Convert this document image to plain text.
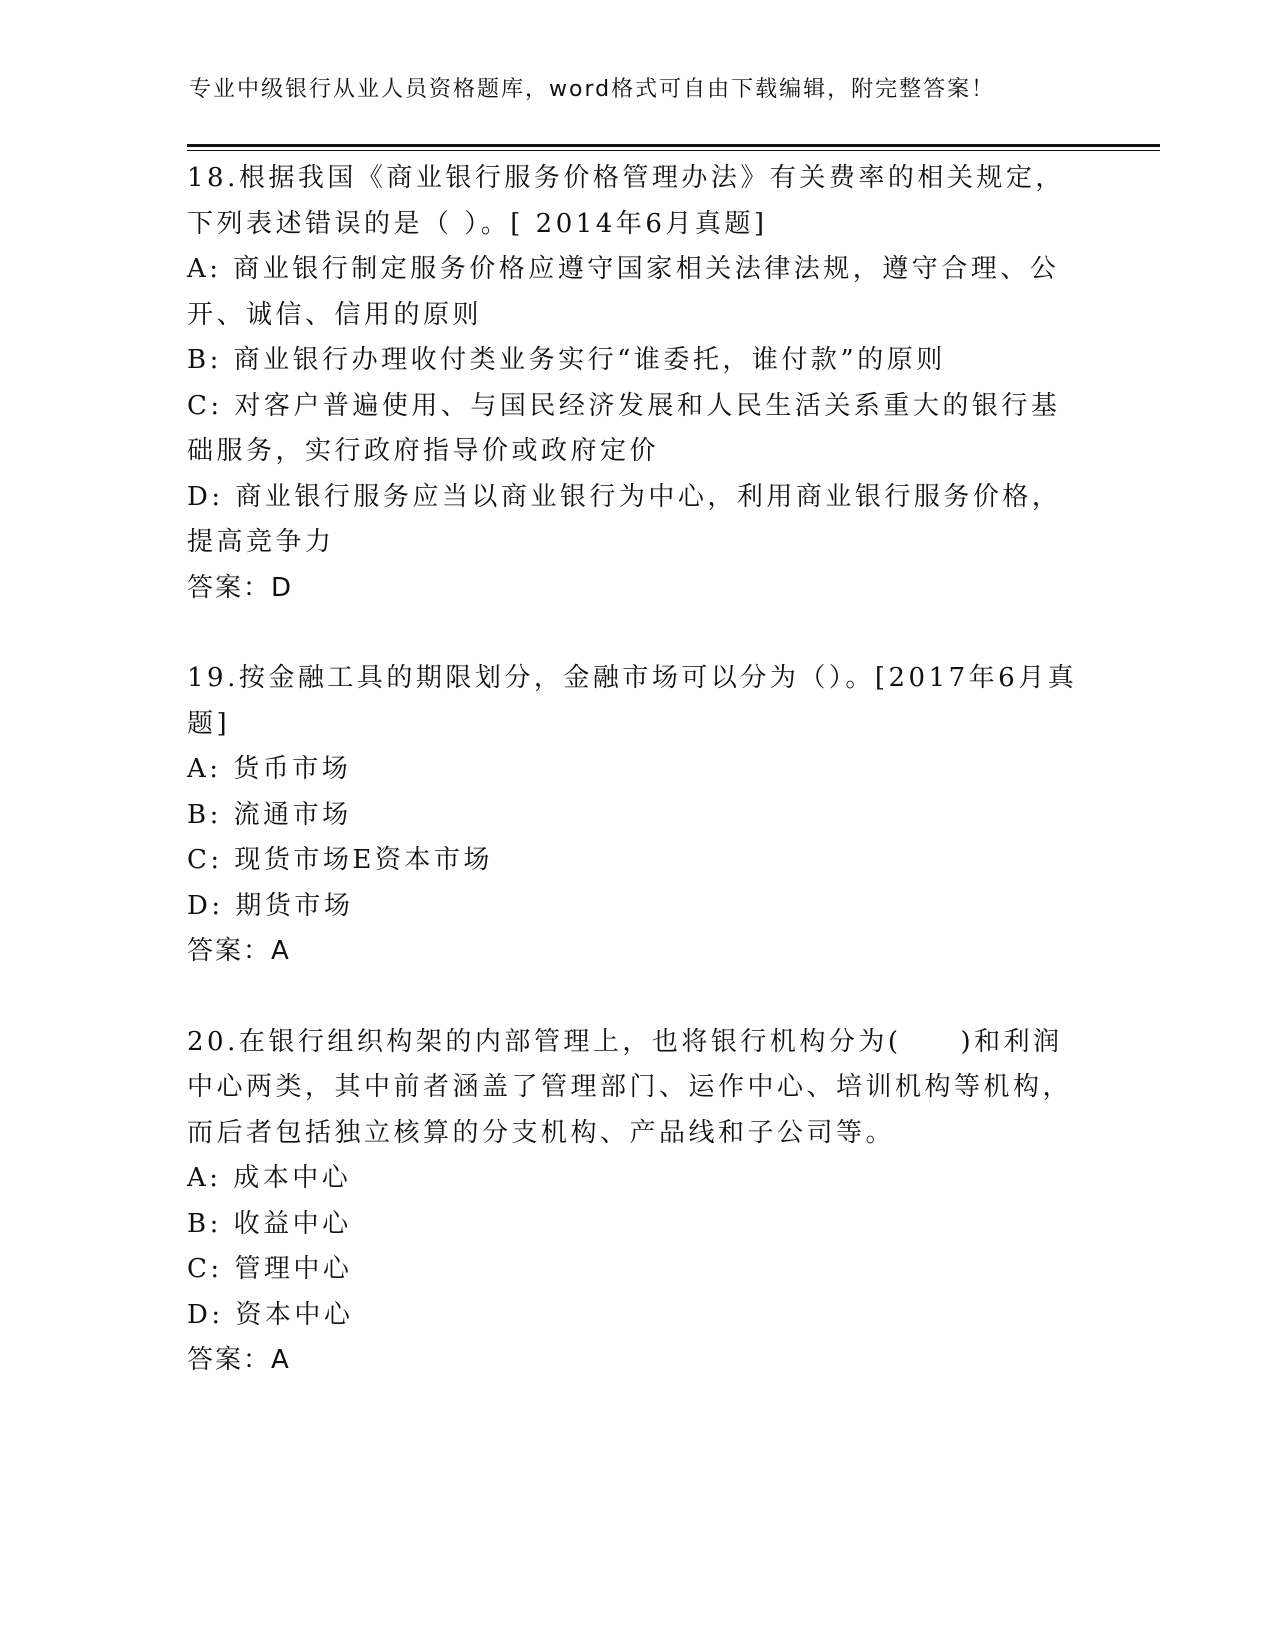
专业中级银行从业人员资格题库，word格式可自由下载编辑，附完整答案！
18.根据我国《商业银行服务价格管理办法》有关费率的相关规定，下列表述错误的是（ ）。[ 2014年6月真题]
A: 商业银行制定服务价格应遵守国家相关法律法规，遵守合理、公开、诚信、信用的原则
B: 商业银行办理收付类业务实行“谁委托，谁付款”的原则
C: 对客户普遍使用、与国民经济发展和人民生活关系重大的银行基础服务，实行政府指导价或政府定价
D: 商业银行服务应当以商业银行为中心，利用商业银行服务价格，提高竞争力
答案：D
19.按金融工具的期限划分，金融市场可以分为（）。[2017年6月真题]
A: 货币市场
B: 流通市场
C: 现货市场E资本市场
D: 期货市场
答案：A
20.在银行组织构架的内部管理上，也将银行机构分为(　　)和利润中心两类，其中前者涵盖了管理部门、运作中心、培训机构等机构，而后者包括独立核算的分支机构、产品线和子公司等。
A: 成本中心
B: 收益中心
C: 管理中心
D: 资本中心
答案：A
